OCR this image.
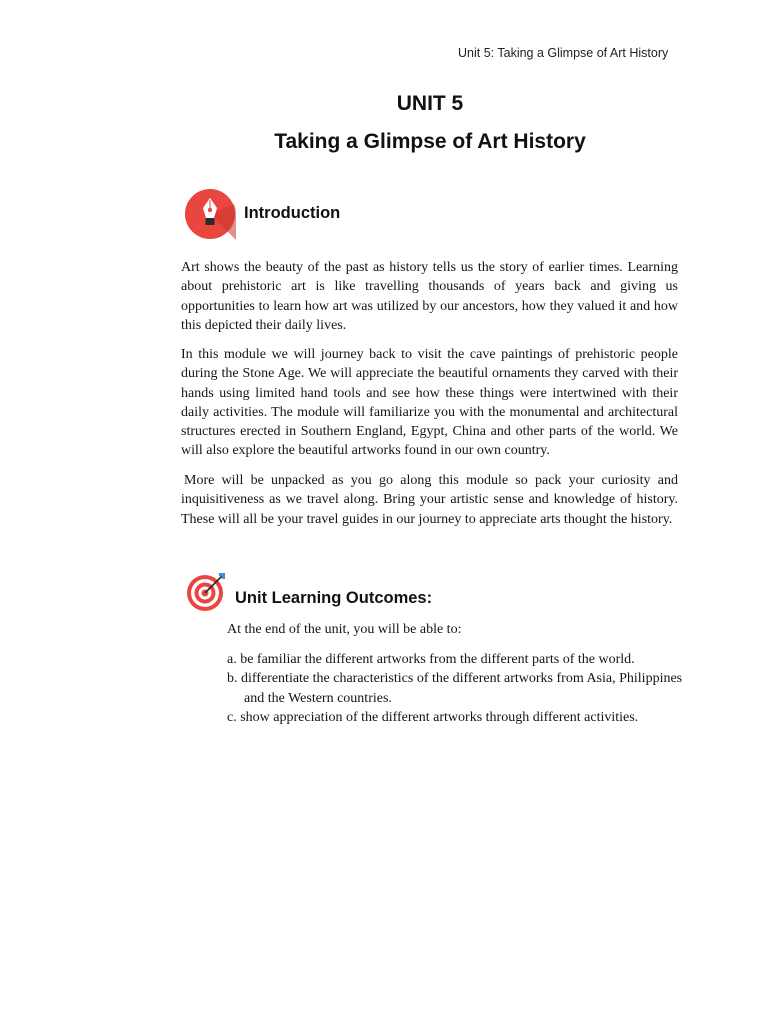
Unit 5: Taking a Glimpse of Art History
UNIT 5
Taking a Glimpse of Art History
Introduction
Art shows the beauty of the past as history tells us the story of earlier times. Learning about prehistoric art is like travelling thousands of years back and giving us opportunities to learn how art was utilized by our ancestors, how they valued it and how this depicted their daily lives.
In this module we will journey back to visit the cave paintings of prehistoric people during the Stone Age. We will appreciate the beautiful ornaments they carved with their hands using limited hand tools and see how these things were intertwined with their daily activities. The module will familiarize you with the monumental and architectural structures erected in Southern England, Egypt, China and other parts of the world. We will also explore the beautiful artworks found in our own country.
More will be unpacked as you go along this module so pack your curiosity and inquisitiveness as we travel along. Bring your artistic sense and knowledge of history. These will all be your travel guides in our journey to appreciate arts thought the history.
Unit Learning Outcomes:
At the end of the unit, you will be able to:
a. be familiar the different artworks from the different parts of the world.
b. differentiate the characteristics of the different artworks from Asia, Philippines and the Western countries.
c. show appreciation of the different artworks through different activities.
